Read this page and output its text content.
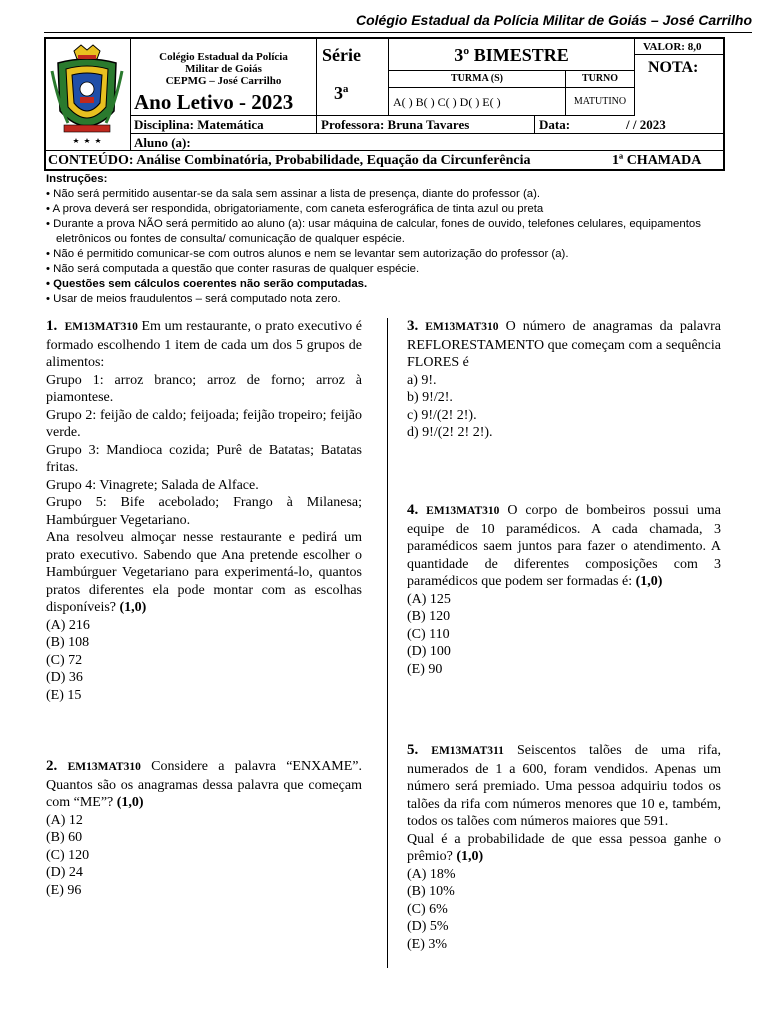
Colégio Estadual da Polícia Militar de Goiás – José Carrilho
Colégio Estadual da Polícia
Militar de Goiás
CEPMG – José Carrilho
Ano Letivo - 2023
Série
3ª
3º BIMESTRE
TURMA (S)	TURNO
A( ) B( ) C( ) D( ) E( )	MATUTINO
VALOR: 8,0
NOTA:
Disciplina: Matemática	Professora: Bruna Tavares	Data:	/ / 2023
Aluno (a):
CONTEÚDO: Análise Combinatória, Probabilidade, Equação da Circunferência	1ª CHAMADA
Instruções:
• Não será permitido ausentar-se da sala sem assinar a lista de presença, diante do professor (a).
• A prova deverá ser respondida, obrigatoriamente, com caneta esferográfica de tinta azul ou preta
• Durante a prova NÃO será permitido ao aluno (a): usar máquina de calcular, fones de ouvido, telefones celulares, equipamentos eletrônicos ou fontes de consulta/ comunicação de qualquer espécie.
• Não é permitido comunicar-se com outros alunos e nem se levantar sem autorização do professor (a).
• Não será computada a questão que conter rasuras de qualquer espécie.
• Questões sem cálculos coerentes não serão computadas.
• Usar de meios fraudulentos – será computado nota zero.

1. EM13MAT310 Em um restaurante, o prato executivo é formado escolhendo 1 item de cada um dos 5 grupos de alimentos:

Grupo 1: arroz branco; arroz de forno; arroz à piamontese.

Grupo 2: feijão de caldo; feijoada; feijão tropeiro; feijão verde.

Grupo 3: Mandioca cozida; Purê de Batatas; Batatas fritas.

Grupo 4: Vinagrete; Salada de Alface.

Grupo 5: Bife acebolado; Frango à Milanesa; Hambúrguer Vegetariano.

Ana resolveu almoçar nesse restaurante e pedirá um prato executivo. Sabendo que Ana pretende escolher o Hambúrguer Vegetariano para experimentá-lo, quantos pratos diferentes ela pode montar com as escolhas disponíveis? (1,0)

(A) 216

(B) 108

(C) 72

(D) 36

(E) 15

2. EM13MAT310 Considere a palavra “ENXAME”. Quantos são os anagramas dessa palavra que começam com “ME”? (1,0)

(A) 12

(B) 60

(C) 120

(D) 24

(E) 96

3. EM13MAT310 O número de anagramas da palavra REFLORESTAMENTO que começam com a sequência FLORES é

a) 9!.

b) 9!/2!.

c) 9!/(2! 2!).

d) 9!/(2! 2! 2!).

4. EM13MAT310 O corpo de bombeiros possui uma equipe de 10 paramédicos. A cada chamada, 3 paramédicos saem juntos para fazer o atendimento. A quantidade de diferentes composições com 3 paramédicos que podem ser formadas é: (1,0)

(A) 125

(B) 120

(C) 110

(D) 100

(E) 90

5. EM13MAT311 Seiscentos talões de uma rifa, numerados de 1 a 600, foram vendidos. Apenas um número será premiado. Uma pessoa adquiriu todos os talões da rifa com números menores que 10 e, também, todos os talões com números maiores que 591.

Qual é a probabilidade de que essa pessoa ganhe o prêmio? (1,0)

(A) 18%

(B) 10%

(C) 6%

(D) 5%

(E) 3%
